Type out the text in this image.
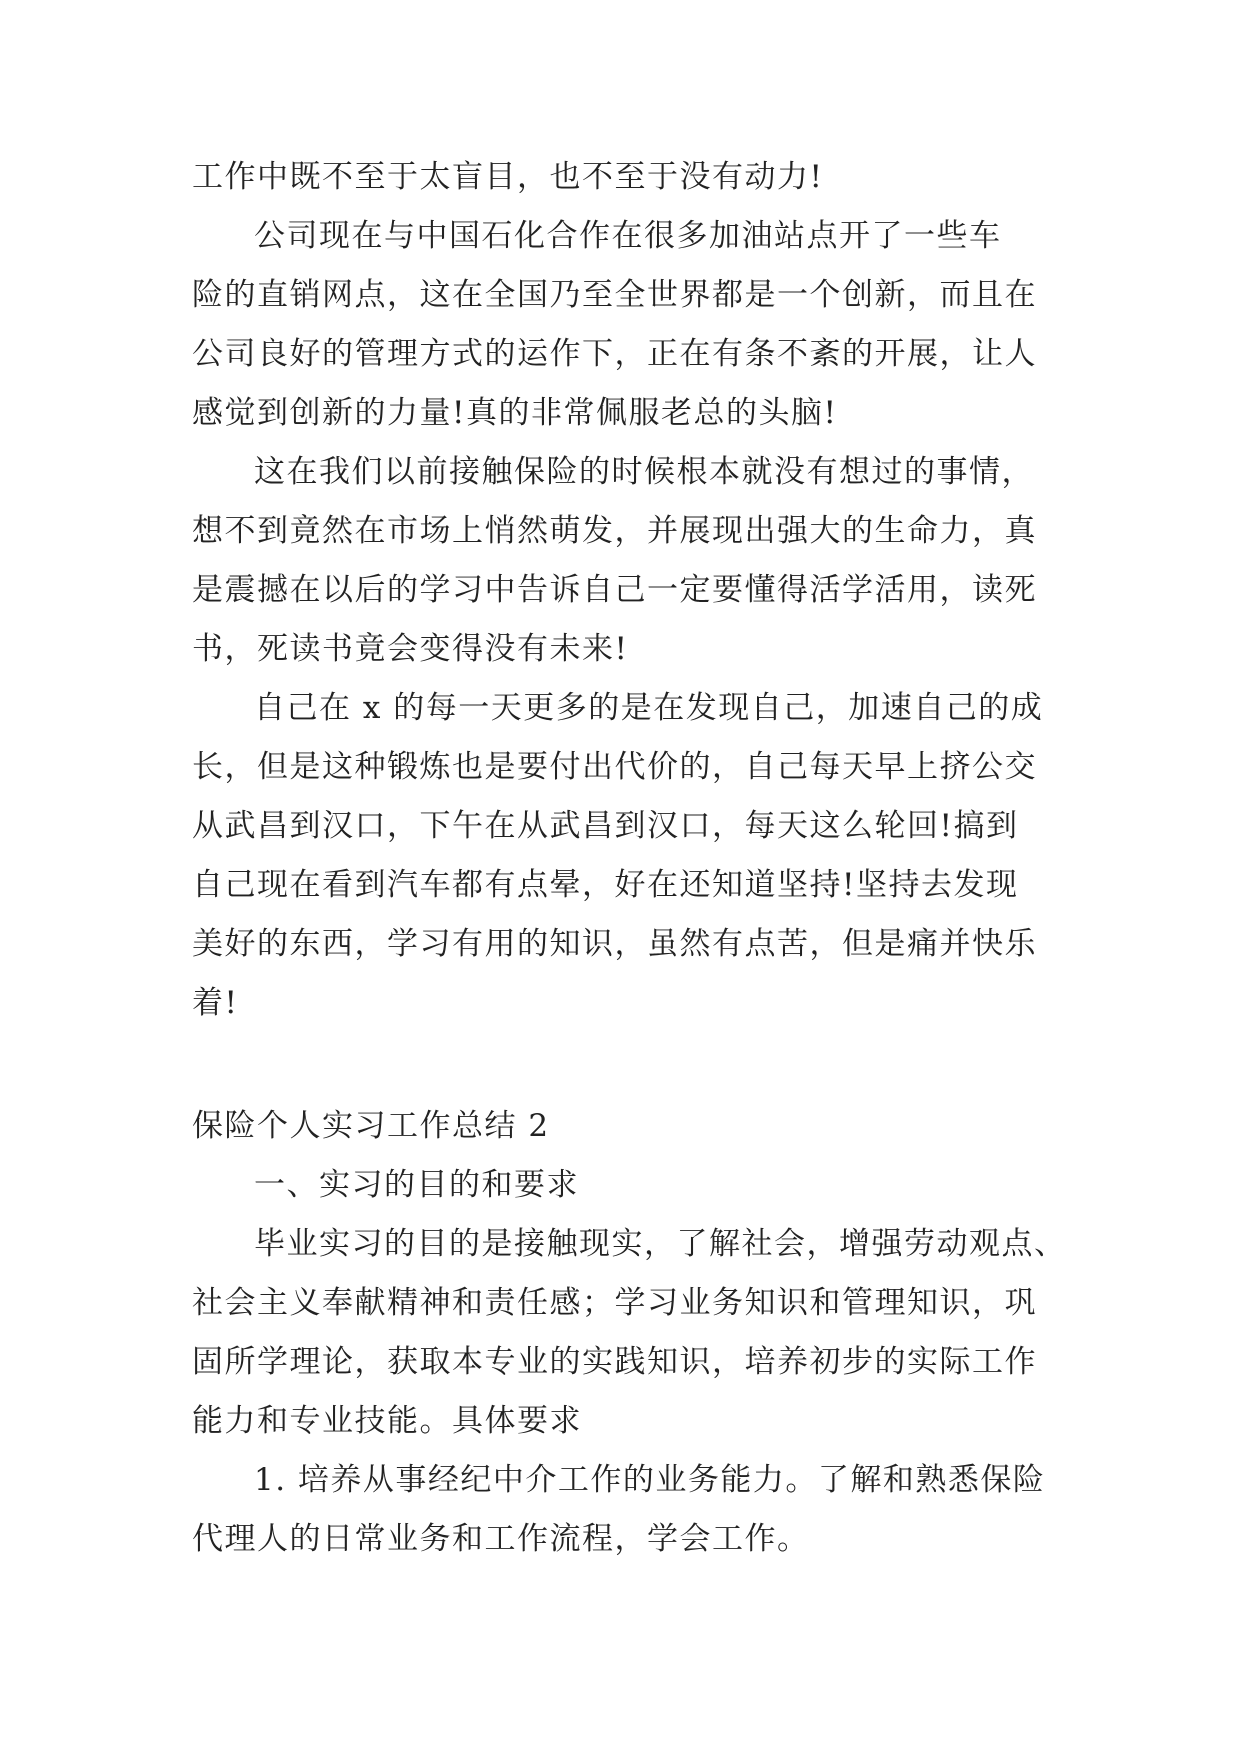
工作中既不至于太盲目，也不至于没有动力!
公司现在与中国石化合作在很多加油站点开了一些车
险的直销网点，这在全国乃至全世界都是一个创新，而且在
公司良好的管理方式的运作下，正在有条不紊的开展，让人
感觉到创新的力量!真的非常佩服老总的头脑!
这在我们以前接触保险的时候根本就没有想过的事情，
想不到竟然在市场上悄然萌发，并展现出强大的生命力，真
是震撼在以后的学习中告诉自己一定要懂得活学活用，读死
书，死读书竟会变得没有未来!
自己在 x 的每一天更多的是在发现自己，加速自己的成
长，但是这种锻炼也是要付出代价的，自己每天早上挤公交
从武昌到汉口，下午在从武昌到汉口，每天这么轮回!搞到
自己现在看到汽车都有点晕，好在还知道坚持!坚持去发现
美好的东西，学习有用的知识，虽然有点苦，但是痛并快乐
着!
保险个人实习工作总结 2
一、实习的目的和要求
毕业实习的目的是接触现实，了解社会，增强劳动观点、
社会主义奉献精神和责任感；学习业务知识和管理知识，巩
固所学理论，获取本专业的实践知识，培养初步的实际工作
能力和专业技能。具体要求
1. 培养从事经纪中介工作的业务能力。了解和熟悉保险
代理人的日常业务和工作流程，学会工作。
